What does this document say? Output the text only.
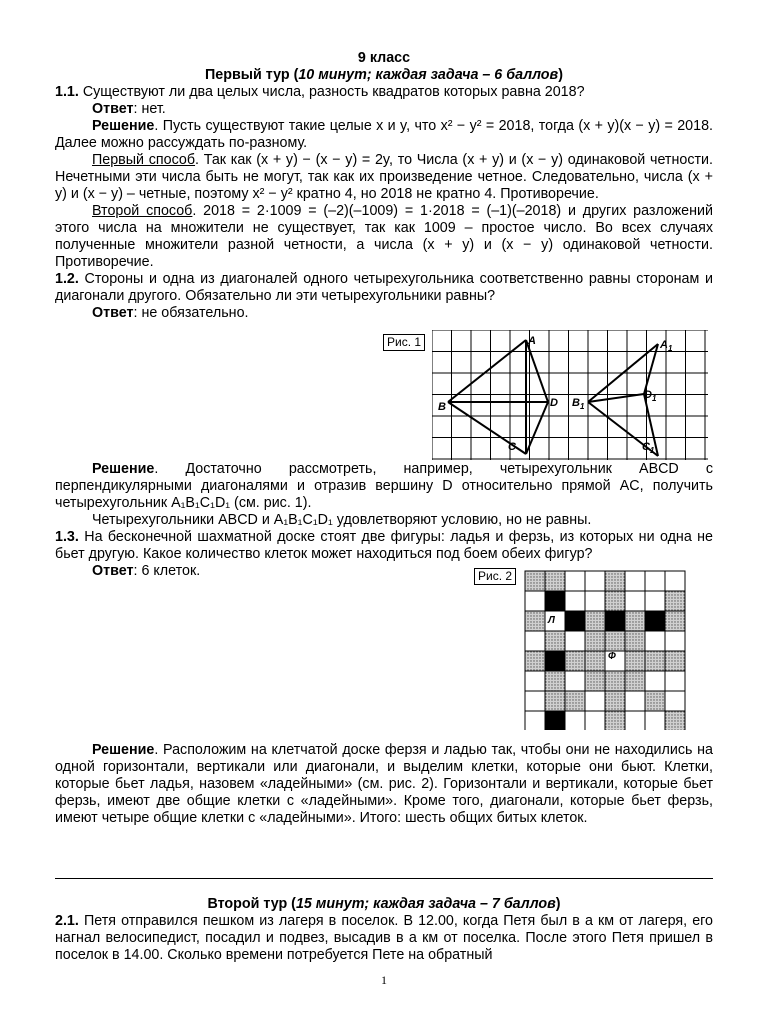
9 класс

Первый тур (10 минут; каждая задача – 6 баллов)

1.1. Существуют ли два целых числа, разность квадратов которых равна 2018?

Ответ: нет.

Решение. Пусть существуют такие целые x и y, что x² − y² = 2018, тогда (x + y)(x − y) = 2018. Далее можно рассуждать по-разному.

Первый способ. Так как (x + y) − (x − y) = 2y, то Числа (x + y) и (x − y) одинаковой четности. Нечетными эти числа быть не могут, так как их произведение четное. Следовательно, числа (x + y) и (x − y) – четные, поэтому x² − y² кратно 4, но 2018 не кратно 4. Противоречие.

Второй способ. 2018 = 2·1009 = (–2)(–1009) = 1·2018 = (–1)(–2018) и других разложений этого числа на множители не существует, так как 1009 – простое число. Во всех случаях полученные множители разной четности, а числа (x + y) и (x − y) одинаковой четности. Противоречие.

1.2. Стороны и одна из диагоналей одного четырехугольника соответственно равны сторонам и диагонали другого. Обязательно ли эти четырехугольники равны?

Ответ: не обязательно.

Рис. 1	A
B
C
D
$A_1$
$B_1$
$C_1$
$D_1$

Решение. Достаточно рассмотреть, например, четырехугольник ABCD с перпендикулярными диагоналями и отразив вершину D относительно прямой AC, получить четырехугольник A₁B₁C₁D₁ (см. рис. 1).

Четырехугольники ABCD и A₁B₁C₁D₁ удовлетворяют условию, но не равны.

1.3. На бесконечной шахматной доске стоят две фигуры: ладья и ферзь, из которых ни одна не бьет другую. Какое количество клеток может находиться под боем обеих фигур?

Ответ: 6 клеток.	Рис. 2
Л
Ф

Решение. Расположим на клетчатой доске ферзя и ладью так, чтобы они не находились на одной горизонтали, вертикали или диагонали, и выделим клетки, которые они бьют. Клетки, которые бьет ладья, назовем «ладейными» (см. рис. 2). Горизонтали и вертикали, которые бьет ферзь, имеют две общие клетки с «ладейными». Кроме того, диагонали, которые бьет ферзь, имеют четыре общие клетки с «ладейными». Итого: шесть общих битых клеток.

Второй тур (15 минут; каждая задача – 7 баллов)

2.1. Петя отправился пешком из лагеря в поселок. В 12.00, когда Петя был в a км от лагеря, его нагнал велосипедист, посадил и подвез, высадив в a км от поселка. После этого Петя пришел в поселок в 14.00. Сколько времени потребуется Пете на обратный

1
